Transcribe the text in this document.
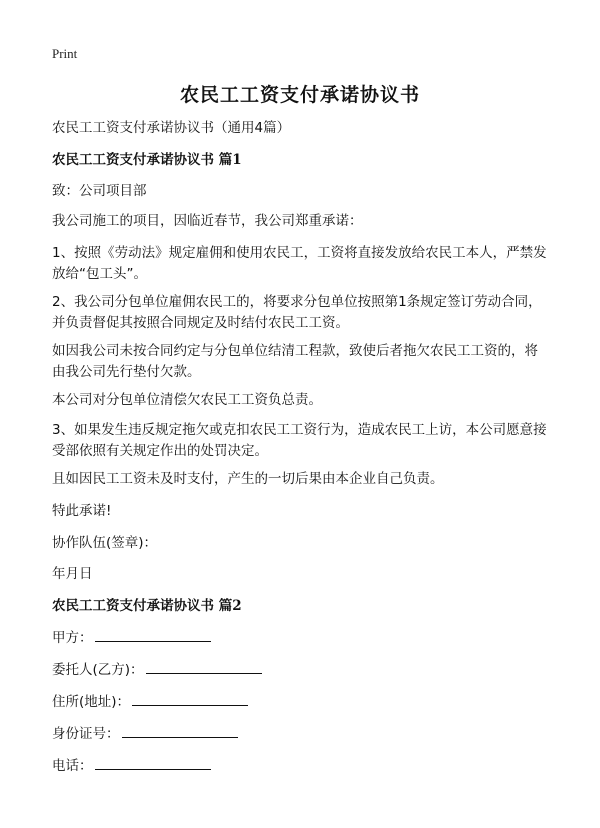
Print
农民工工资支付承诺协议书
农民工工资支付承诺协议书（通用4篇）
农民工工资支付承诺协议书 篇1
致：公司项目部
我公司施工的项目，因临近春节，我公司郑重承诺：
1、按照《劳动法》规定雇佣和使用农民工，工资将直接发放给农民工本人，严禁发放给“包工头”。
2、我公司分包单位雇佣农民工的，将要求分包单位按照第1条规定签订劳动合同，并负责督促其按照合同规定及时结付农民工工资。
如因我公司未按合同约定与分包单位结清工程款，致使后者拖欠农民工工资的，将由我公司先行垫付欠款。
本公司对分包单位清偿欠农民工工资负总责。
3、如果发生违反规定拖欠或克扣农民工工资行为，造成农民工上访，本公司愿意接受部依照有关规定作出的处罚决定。
且如因民工工资未及时支付，产生的一切后果由本企业自己负责。
特此承诺!
协作队伍(签章)：
年月日
农民工工资支付承诺协议书 篇2
甲方：
委托人(乙方)：
住所(地址)：
身份证号：
电话：
